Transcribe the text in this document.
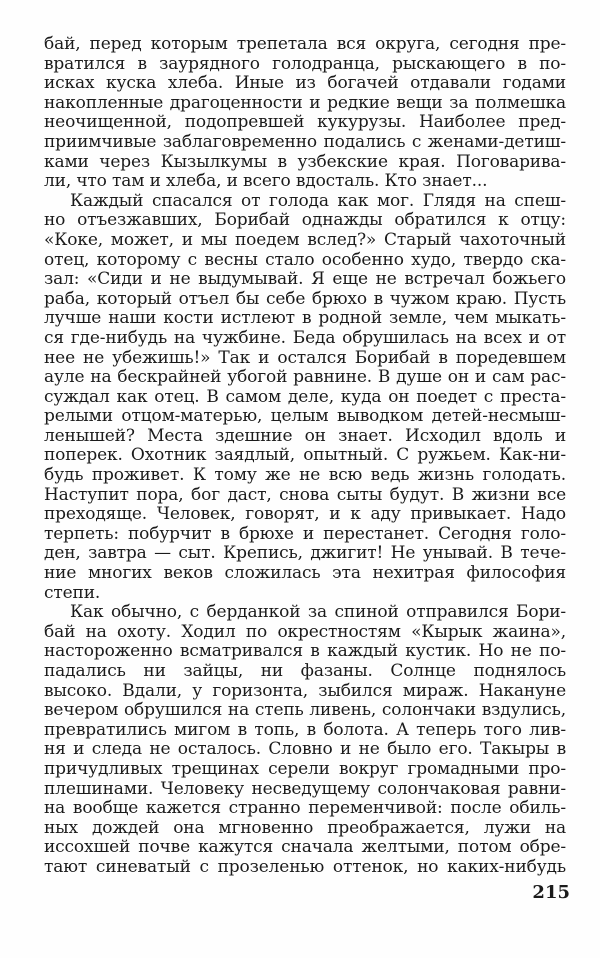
бай, перед которым трепетала вся округа, сегодня пре-
вратился в заурядного голодранца, рыскающего в по-
исках куска хлеба. Иные из богачей отдавали годами
накопленные драгоценности и редкие вещи за полмешка
неочищенной, подопревшей кукурузы. Наиболее пред-
приимчивые заблаговременно подались с женами-детиш-
ками через Кызылкумы в узбекские края. Поговарива-
ли, что там и хлеба, и всего вдосталь. Кто знает...
Каждый спасался от голода как мог. Глядя на спеш-
но отъезжавших, Борибай однажды обратился к отцу:
«Коке, может, и мы поедем вслед?» Старый чахоточный
отец, которому с весны стало особенно худо, твердо ска-
зал: «Сиди и не выдумывай. Я еще не встречал божьего
раба, который отъел бы себе брюхо в чужом краю. Пусть
лучше наши кости истлеют в родной земле, чем мыкать-
ся где-нибудь на чужбине. Беда обрушилась на всех и от
нее не убежишь!» Так и остался Борибай в поредевшем
ауле на бескрайней убогой равнине. В душе он и сам рас-
суждал как отец. В самом деле, куда он поедет с преста-
релыми отцом-матерью, целым выводком детей-несмыш-
ленышей? Места здешние он знает. Исходил вдоль и
поперек. Охотник заядлый, опытный. С ружьем. Как-ни-
будь проживет. К тому же не всю ведь жизнь голодать.
Наступит пора, бог даст, снова сыты будут. В жизни все
преходяще. Человек, говорят, и к аду привыкает. Надо
терпеть: побурчит в брюхе и перестанет. Сегодня голо-
ден, завтра — сыт. Крепись, джигит! Не унывай. В тече-
ние многих веков сложилась эта нехитрая философия
степи.
Как обычно, с берданкой за спиной отправился Бори-
бай на охоту. Ходил по окрестностям «Кырык жаина»,
настороженно всматривался в каждый кустик. Но не по-
падались ни зайцы, ни фазаны. Солнце поднялось
высоко. Вдали, у горизонта, зыбился мираж. Накануне
вечером обрушился на степь ливень, солончаки вздулись,
превратились мигом в топь, в болота. А теперь того лив-
ня и следа не осталось. Словно и не было его. Такыры в
причудливых трещинах серели вокруг громадными про-
плешинами. Человеку несведущему солончаковая равни-
на вообще кажется странно переменчивой: после обиль-
ных дождей она мгновенно преображается, лужи на
иссохшей почве кажутся сначала желтыми, потом обре-
тают синеватый с прозеленью оттенок, но каких-нибудь
215
